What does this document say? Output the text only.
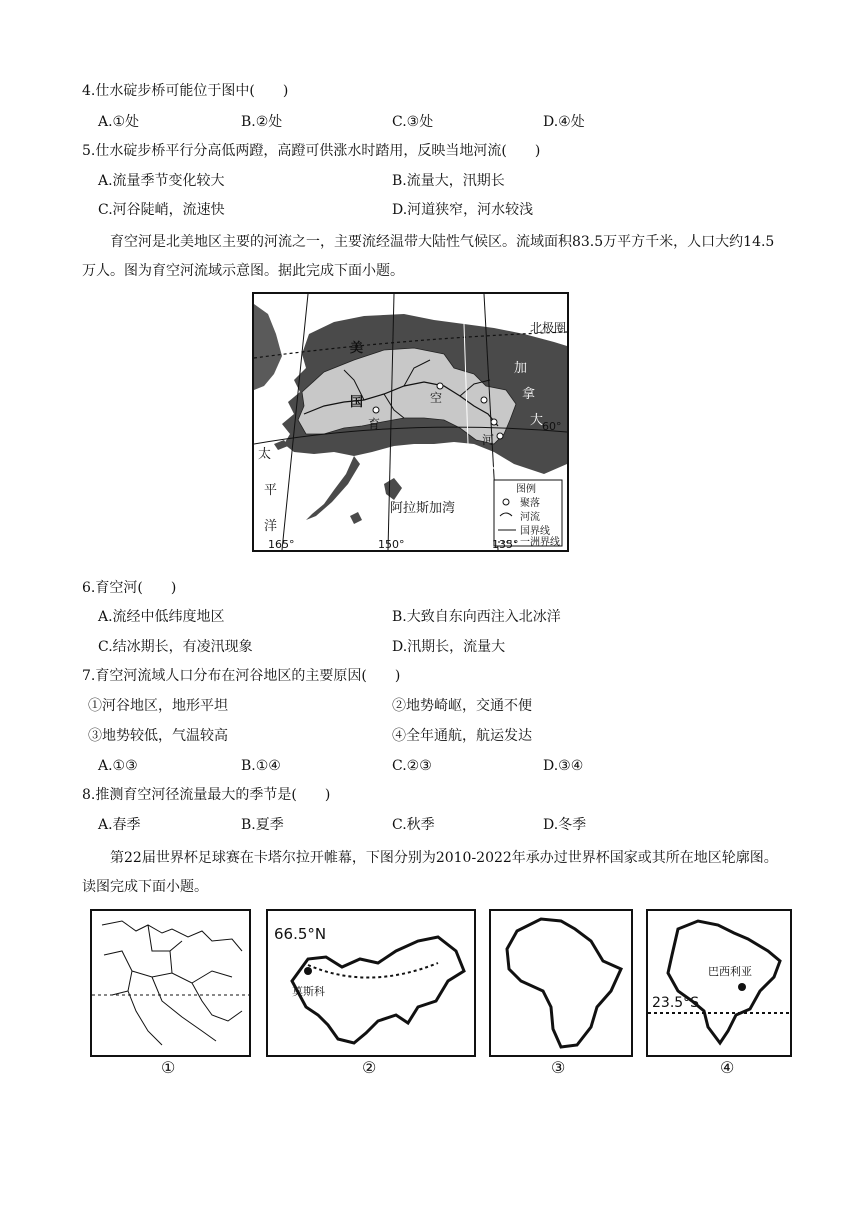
4.仕水碇步桥可能位于图中(　　)
A.①处	B.②处	C.③处	D.④处
5.仕水碇步桥平行分高低两蹬，高蹬可供涨水时踏用，反映当地河流(　　)
A.流量季节变化较大	B.流量大，汛期长
C.河谷陡峭，流速快	D.河道狭窄，河水较浅
育空河是北美地区主要的河流之一，主要流经温带大陆性气候区。流域面积83.5万平方千米，人口大约14.5万人。图为育空河流域示意图。据此完成下面小题。
北极圈
美
国
加
拿
大
育
空
河
太
平
洋
阿拉斯加湾
60°
165°	150°	135°
白令
图例
聚落
河流
国界线
一洲界线
6.育空河(　　)
A.流经中低纬度地区	B.大致自东向西注入北冰洋
C.结冰期长，有凌汛现象	D.汛期长，流量大
7.育空河流域人口分布在河谷地区的主要原因(　　)
①河谷地区，地形平坦	②地势崎岖，交通不便
③地势较低，气温较高	④全年通航，航运发达
A.①③	B.①④	C.②③	D.③④
8.推测育空河径流量最大的季节是(　　)
A.春季	B.夏季	C.秋季	D.冬季
第22届世界杯足球赛在卡塔尔拉开帷幕，下图分别为2010-2022年承办过世界杯国家或其所在地区轮廓图。读图完成下面小题。
66.5°N
莫斯科
巴西利亚
23.5°S
①	②	③	④
